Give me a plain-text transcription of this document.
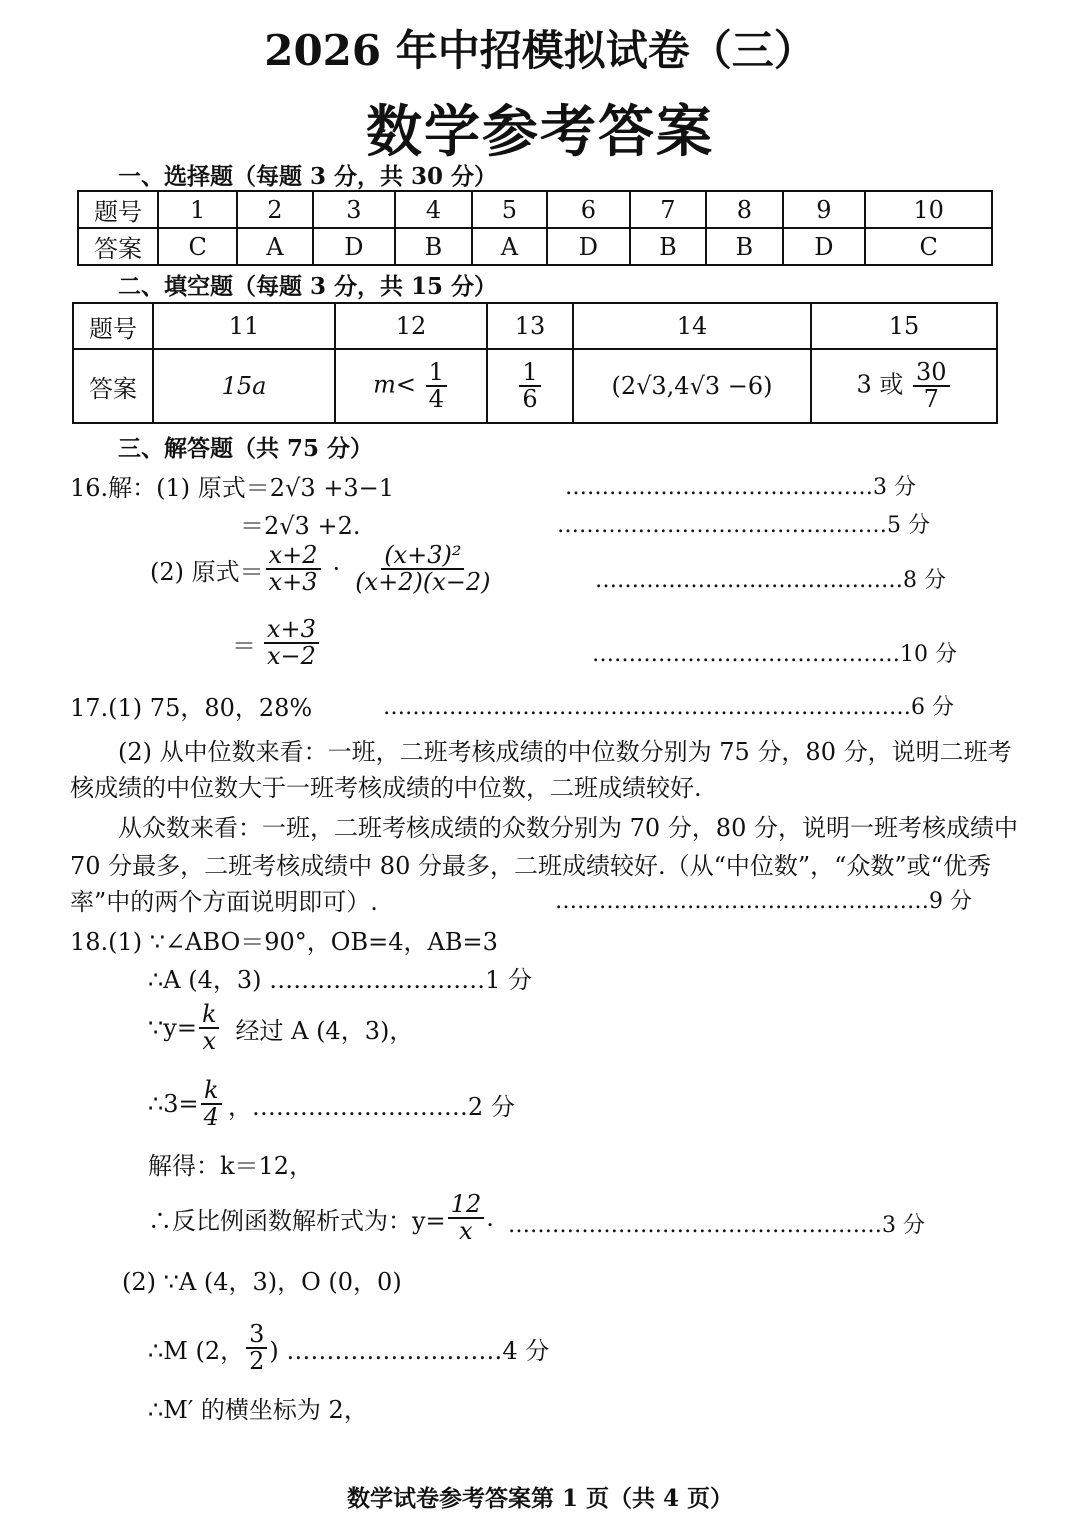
2026 年中招模拟试卷（三）
数学参考答案
一、选择题（每题 3 分，共 30 分）
题号	1	2	3	4	5	6	7	8	9	10
答案	C	A	D	B	A	D	B	B	D	C
二、填空题（每题 3 分，共 15 分）
题号	11	12	13	14	15
答案	15a	$m< \frac{1}{4}$	$\frac{1}{6}$	(2√3,4√3 −6)	3 或 $\frac{30}{7}$
三、解答题（共 75 分）
16.解：(1) 原式＝2√3 +3−1	……………………………………3 分
＝2√3 +2.	………………………………………5 分
(2) 原式＝ $\frac{x+2}{x+3} \cdot \frac{\text{(x+3)²}}{(x+2)(x-2)}$	……………………………………8 分
＝ $\frac{x+3}{x-2}$	……………………………………10 分
17.(1) 75，80，28%	………………………………………………………………6 分
(2) 从中位数来看：一班，二班考核成绩的中位数分别为 75 分，80 分，说明二班考
核成绩的中位数大于一班考核成绩的中位数，二班成绩较好.
从众数来看：一班，二班考核成绩的众数分别为 70 分，80 分，说明一班考核成绩中
70 分最多，二班考核成绩中 80 分最多，二班成绩较好.（从“中位数”，“众数”或“优秀
率”中的两个方面说明即可）.	……………………………………………9 分
18.(1) ∵∠ABO＝90°，OB=4，AB=3
∴A (4，3) ………………………1 分
∵y= $\frac{k}{x}$ 经过 A (4，3)，
∴3= $\frac{k}{4}$ ，………………………2 分
解得：k＝12，
∴反比例函数解析式为：$y= \frac{12}{x}$ . ……………………………………………3 分
(2) ∵A (4，3)，O (0，0)
∴M (2， $\frac{3}{2}$ ) ………………………4 分
∴M′ 的横坐标为 2，
数学试卷参考答案第 1 页（共 4 页）
